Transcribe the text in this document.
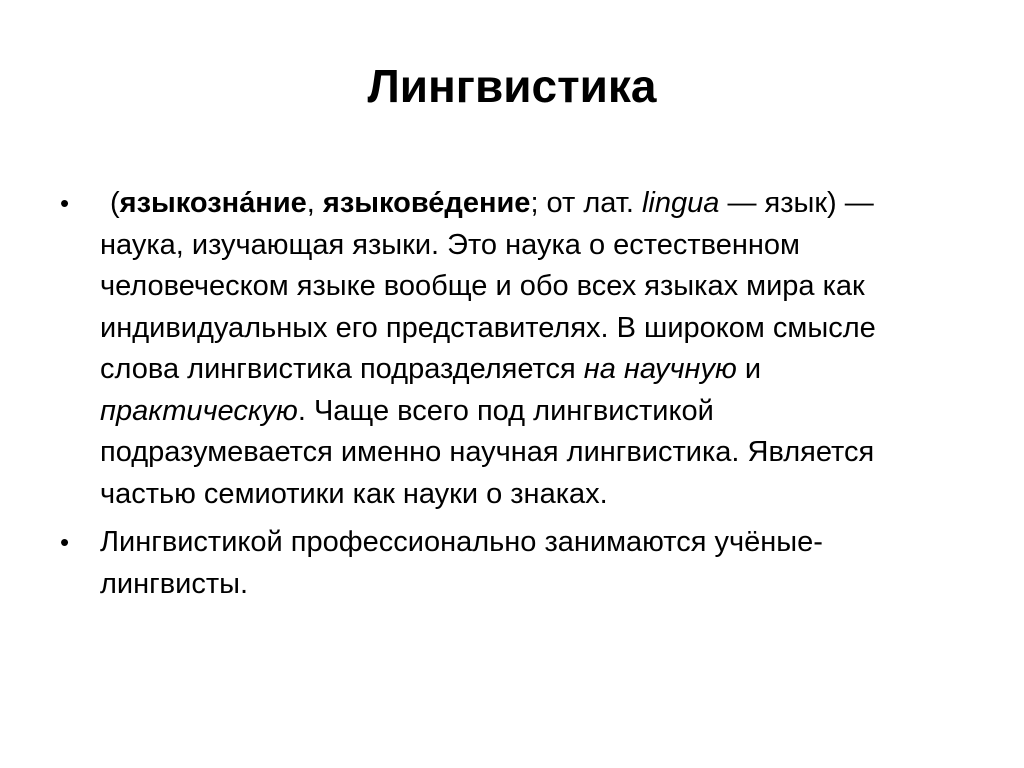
Лингвистика
•	(языкозна́ние, языкове́дение; от лат. lingua — язык) — наука, изучающая языки. Это наука о естественном человеческом языке вообще и обо всех языках мира как индивидуальных его представителях. В широком смысле слова лингвистика подразделяется на научную и практическую. Чаще всего под лингвистикой подразумевается именно научная лингвистика. Является частью семиотики как науки о знаках.
•	Лингвистикой профессионально занимаются учёные-лингвисты.
